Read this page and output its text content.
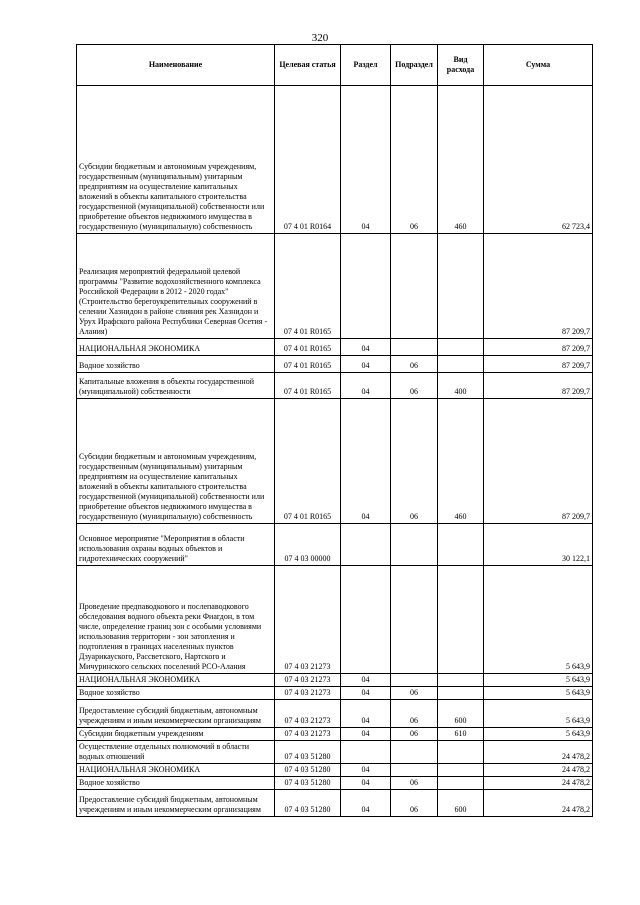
320
Наименование	Целевая статья	Раздел	Подраздел	Вид расхода	Сумма
Субсидии бюджетным и автономным учреждениям, государственным (муниципальным) унитарным предприятиям на осуществление капитальных вложений в объекты капитального строительства государственной (муниципальной) собственности или приобретение объектов недвижимого имущества в государственную (муниципальную) собственность	07 4 01 R0164	04	06	460	62 723,4
Реализация мероприятий федеральной целевой программы "Развитие водохозяйственного комплекса Российской Федерации в 2012 - 2020 годах" (Строительство берегоукрепительных сооружений в селении Хазнидон в районе слияния рек Хазнидон и Урух Ирафского района Республики Северная Осетия - Алания)	07 4 01 R0165				87 209,7
НАЦИОНАЛЬНАЯ ЭКОНОМИКА	07 4 01 R0165	04			87 209,7
Водное хозяйство	07 4 01 R0165	04	06		87 209,7
Капитальные вложения в объекты государственной (муниципальной) собственности	07 4 01 R0165	04	06	400	87 209,7
Субсидии бюджетным и автономным учреждениям, государственным (муниципальным) унитарным предприятиям на осуществление капитальных вложений в объекты капитального строительства государственной (муниципальной) собственности или приобретение объектов недвижимого имущества в государственную (муниципальную) собственность	07 4 01 R0165	04	06	460	87 209,7
Основное мероприятие "Мероприятия в области использования охраны водных объектов и гидротехнических сооружений"	07 4 03 00000				30 122,1
Проведение предпаводкового и послепаводкового обследования водного объекта реки Фиагдон, в том числе, определение границ зон с особыми условиями использования территории - зон затопления и подтопления в границах населенных пунктов Дзуарикауского, Рассветского, Нартского и Мичуринского сельских поселений РСО-Алания	07 4 03 21273				5 643,9
НАЦИОНАЛЬНАЯ ЭКОНОМИКА	07 4 03 21273	04			5 643,9
Водное хозяйство	07 4 03 21273	04	06		5 643,9
Предоставление субсидий бюджетным, автономным учреждениям и иным некоммерческим организациям	07 4 03 21273	04	06	600	5 643,9
Субсидии бюджетным учреждениям	07 4 03 21273	04	06	610	5 643,9
Осуществление отдельных полномочий в области водных отношений	07 4 03 51280				24 478,2
НАЦИОНАЛЬНАЯ ЭКОНОМИКА	07 4 03 51280	04			24 478,2
Водное хозяйство	07 4 03 51280	04	06		24 478,2
Предоставление субсидий бюджетным, автономным учреждениям и иным некоммерческим организациям	07 4 03 51280	04	06	600	24 478,2
